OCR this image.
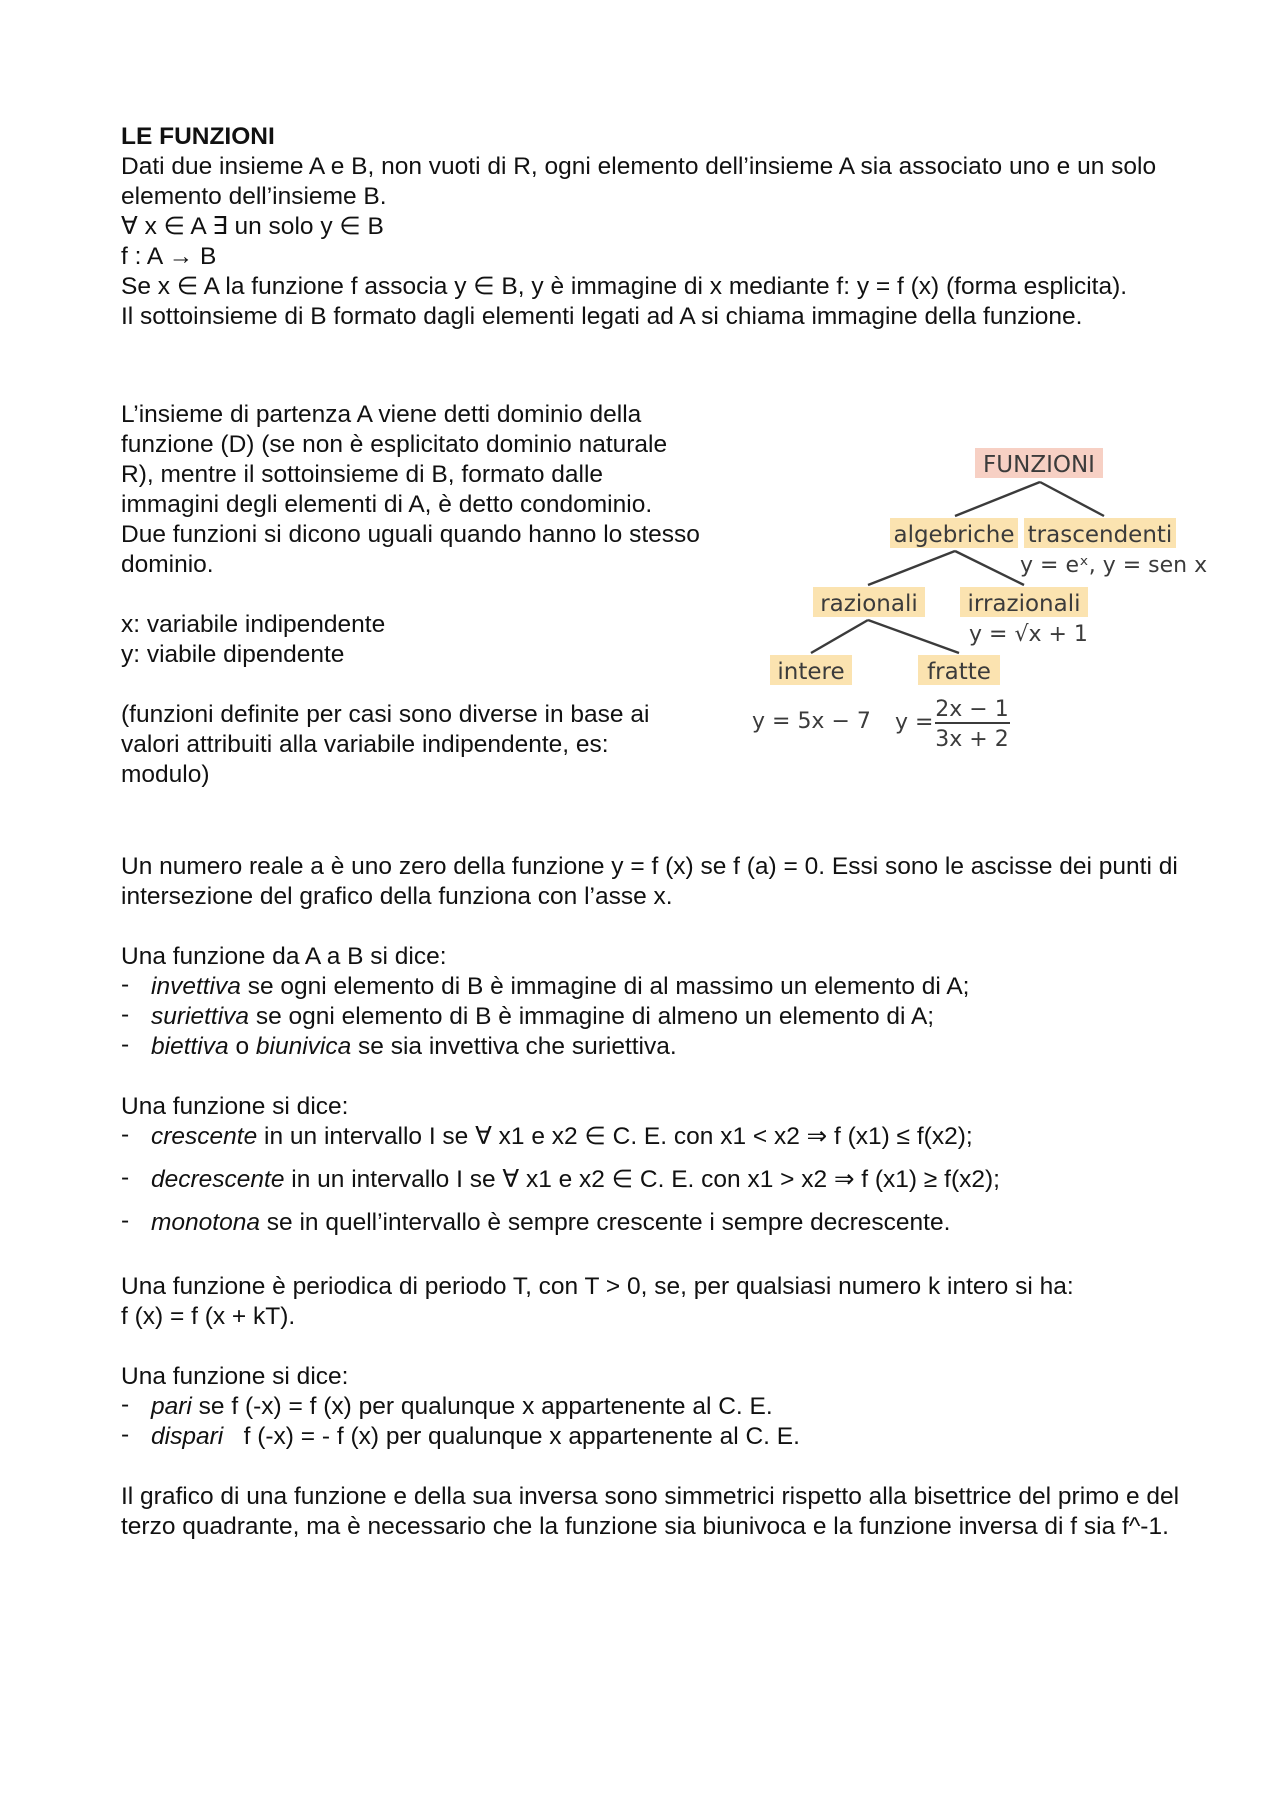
LE FUNZIONI

Dati due insieme A e B, non vuoti di R, ogni elemento dell’insieme A sia associato uno e un solo elemento dell’insieme B.

∀ x ∈ A ∃ un solo y ∈ B

f : A → B

Se x ∈ A la funzione f associa y ∈ B, y è immagine di x mediante f: y = f (x) (forma esplicita).

Il sottoinsieme di B formato dagli elementi legati ad A si chiama immagine della funzione.

L’insieme di partenza A viene detti dominio della funzione (D) (se non è esplicitato dominio naturale R), mentre il sottoinsieme di B, formato dalle immagini degli elementi di A, è detto condominio.

Due funzioni si dicono uguali quando hanno lo stesso dominio.

x: variabile indipendente

y: viabile dipendente

(funzioni definite per casi sono diverse in base ai valori attribuiti alla variabile indipendente, es: modulo)

FUNZIONI
algebriche trascendenti
y = eˣ, y = sen x
razionali irrazionali
y = √x + 1
intere	fratte
y = 5x − 7 y =
2x − 1
3x + 2

Un numero reale a è uno zero della funzione y = f (x) se f (a) = 0. Essi sono le ascisse dei punti di intersezione del grafico della funziona con l’asse x.

Una funzione da A a B si dice:

- invettiva se ogni elemento di B è immagine di al massimo un elemento di A;
- suriettiva se ogni elemento di B è immagine di almeno un elemento di A;
- biettiva o biunivica se sia invettiva che suriettiva.

Una funzione si dice:

- crescente in un intervallo I se ∀ x1 e x2 ∈ C. E. con x1 < x2 ⇒ f (x1) ≤ f(x2);
- decrescente in un intervallo I se ∀ x1 e x2 ∈ C. E. con x1 > x2 ⇒ f (x1) ≥ f(x2);
- monotona se in quell’intervallo è sempre crescente i sempre decrescente.

Una funzione è periodica di periodo T, con T > 0, se, per qualsiasi numero k intero si ha:

f (x) = f (x + kT).

Una funzione si dice:

- pari se f (-x) = f (x) per qualunque x appartenente al C. E.
- dispari   f (-x) = - f (x) per qualunque x appartenente al C. E.

Il grafico di una funzione e della sua inversa sono simmetrici rispetto alla bisettrice del primo e del terzo quadrante, ma è necessario che la funzione sia biunivoca e la funzione inversa di f sia f^-1.
